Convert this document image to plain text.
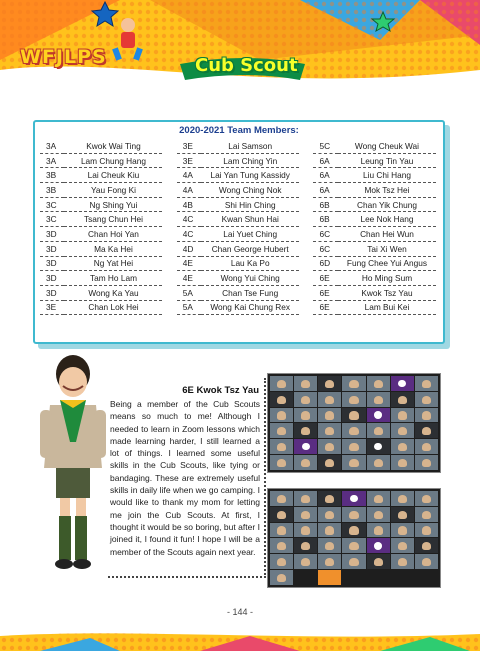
WFJLPS	Cub Scout
2020-2021 Team Members:
3A	Kwok Wai Ting		3E	Lai Samson		5C	Wong Cheuk Wai
3A	Lam Chung Hang		3E	Lam Ching Yin		6A	Leung Tin Yau
3B	Lai Cheuk Kiu		4A	Lai Yan Tung Kassidy		6A	Liu Chi Hang
3B	Yau Fong Ki		4A	Wong Ching Nok		6A	Mok Tsz Hei
3C	Ng Shing Yui		4B	Shi Hin Ching		6B	Chan Yik Chung
3C	Tsang Chun Hei		4C	Kwan Shun Hai		6B	Lee Nok Hang
3D	Chan Hoi Yan		4C	Lai Yuet Ching		6C	Chan Hei Wun
3D	Ma Ka Hei		4D	Chan George Hubert		6C	Tai Xi Wen
3D	Ng Yat Hei		4E	Lau Ka Po		6D	Fung Chee Yui Angus
3D	Tam Ho Lam		4E	Wong Yui Ching		6E	Ho Ming Sum
3D	Wong Ka Yau		5A	Chan Tse Fung		6E	Kwok Tsz Yau
3E	Chan Lok Hei		5A	Wong Kai Chung Rex		6E	Lam Bui Kei
6E Kwok Tsz Yau

Being a member of the Cub Scouts means so much to me! Although I needed to learn in Zoom lessons which made learning harder, I still learned a lot of things. I learned some useful skills in the Cub Scouts, like tying or bandaging. These are extremely useful skills in daily life when we go camping. I would like to thank my mom for letting me join the Cub Scouts. At first, I thought it would be so boring, but after I joined it, I found it fun! I hope I will be a member of the Scouts again next year.

- 144 -
